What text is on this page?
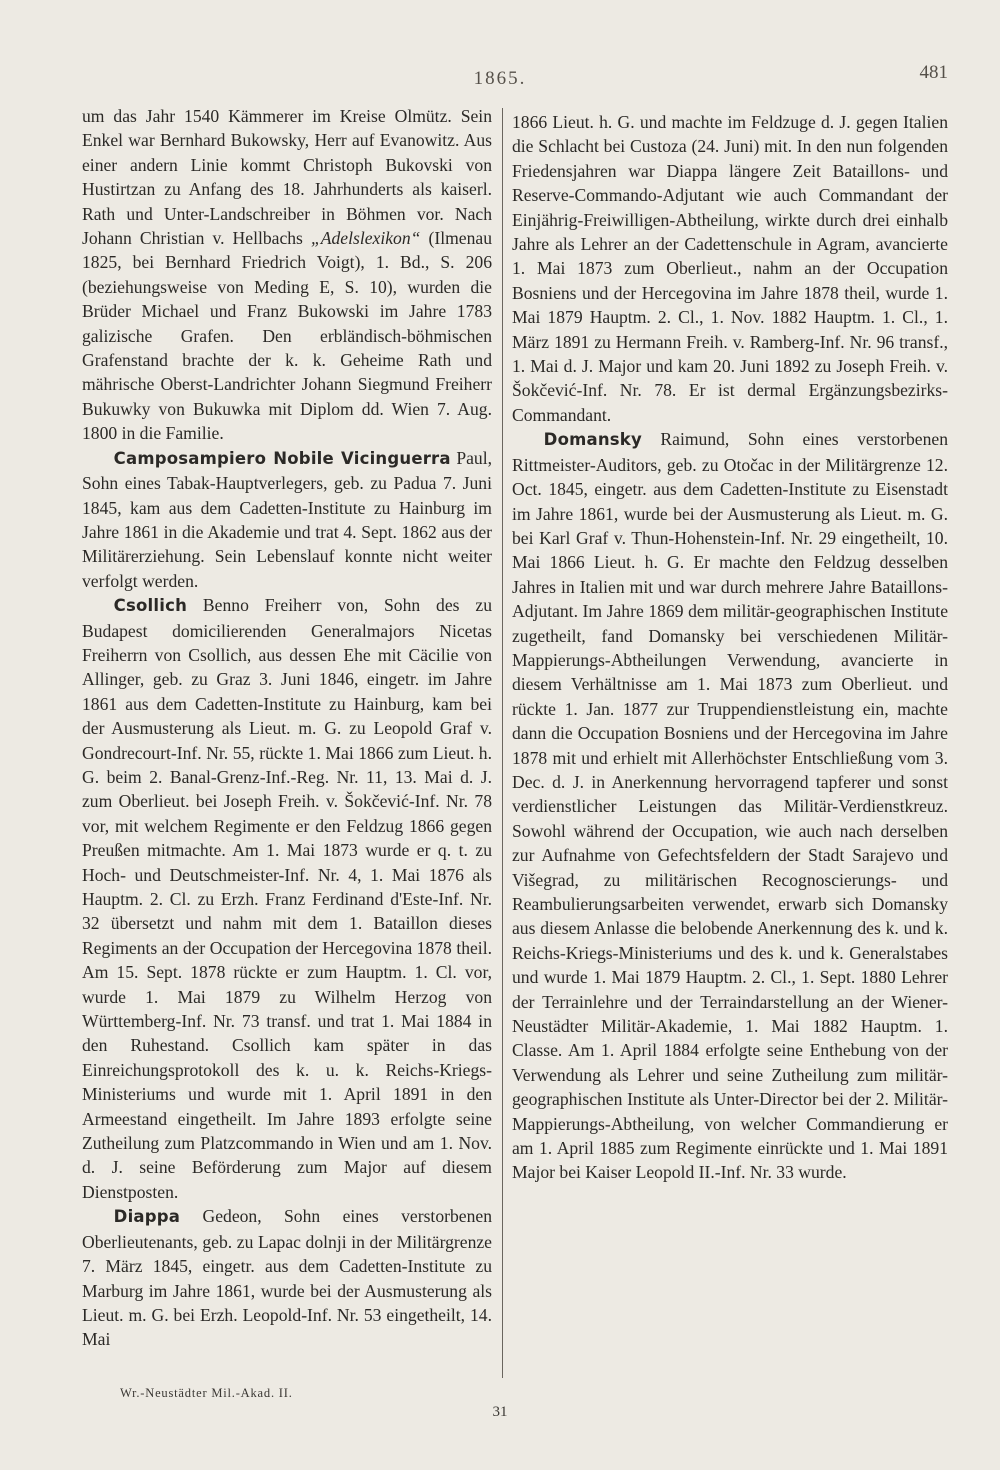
1865.	481

um das Jahr 1540 Kämmerer im Kreise Olmütz. Sein Enkel war Bernhard Bukowsky, Herr auf Evanowitz. Aus einer andern Linie kommt Christoph Bukovski von Hustirtzan zu Anfang des 18. Jahrhunderts als kaiserl. Rath und Unter-Landschreiber in Böhmen vor. Nach Johann Christian v. Hellbachs „Adelslexikon“ (Ilmenau 1825, bei Bernhard Friedrich Voigt), 1. Bd., S. 206 (beziehungsweise von Meding E, S. 10), wurden die Brüder Michael und Franz Bukowski im Jahre 1783 galizische Grafen. Den erbländisch-böhmischen Grafenstand brachte der k. k. Geheime Rath und mährische Oberst-Landrichter Johann Siegmund Freiherr Bukuwky von Bukuwka mit Diplom dd. Wien 7. Aug. 1800 in die Familie.

Camposampiero Nobile Vicinguerra Paul, Sohn eines Tabak-Hauptverlegers, geb. zu Padua 7. Juni 1845, kam aus dem Cadetten-Institute zu Hainburg im Jahre 1861 in die Akademie und trat 4. Sept. 1862 aus der Militärerziehung. Sein Lebenslauf konnte nicht weiter verfolgt werden.

Csollich Benno Freiherr von, Sohn des zu Budapest domicilierenden Generalmajors Nicetas Freiherrn von Csollich, aus dessen Ehe mit Cäcilie von Allinger, geb. zu Graz 3. Juni 1846, eingetr. im Jahre 1861 aus dem Cadetten-Institute zu Hainburg, kam bei der Ausmusterung als Lieut. m. G. zu Leopold Graf v. Gondrecourt-Inf. Nr. 55, rückte 1. Mai 1866 zum Lieut. h. G. beim 2. Banal-Grenz-Inf.-Reg. Nr. 11, 13. Mai d. J. zum Oberlieut. bei Joseph Freih. v. Šokčević-Inf. Nr. 78 vor, mit welchem Regimente er den Feldzug 1866 gegen Preußen mitmachte. Am 1. Mai 1873 wurde er q. t. zu Hoch- und Deutschmeister-Inf. Nr. 4, 1. Mai 1876 als Hauptm. 2. Cl. zu Erzh. Franz Ferdinand d'Este-Inf. Nr. 32 übersetzt und nahm mit dem 1. Bataillon dieses Regiments an der Occupation der Hercegovina 1878 theil. Am 15. Sept. 1878 rückte er zum Hauptm. 1. Cl. vor, wurde 1. Mai 1879 zu Wilhelm Herzog von Württemberg-Inf. Nr. 73 transf. und trat 1. Mai 1884 in den Ruhestand. Csollich kam später in das Einreichungsprotokoll des k. u. k. Reichs-Kriegs-Ministeriums und wurde mit 1. April 1891 in den Armeestand eingetheilt. Im Jahre 1893 erfolgte seine Zutheilung zum Platzcommando in Wien und am 1. Nov. d. J. seine Beförderung zum Major auf diesem Dienstposten.

Diappa Gedeon, Sohn eines verstorbenen Oberlieutenants, geb. zu Lapac dolnji in der Militärgrenze 7. März 1845, eingetr. aus dem Cadetten-Institute zu Marburg im Jahre 1861, wurde bei der Ausmusterung als Lieut. m. G. bei Erzh. Leopold-Inf. Nr. 53 eingetheilt, 14. Mai

1866 Lieut. h. G. und machte im Feldzuge d. J. gegen Italien die Schlacht bei Custoza (24. Juni) mit. In den nun folgenden Friedensjahren war Diappa längere Zeit Bataillons- und Reserve-Commando-Adjutant wie auch Commandant der Einjährig-Freiwilligen-Abtheilung, wirkte durch drei einhalb Jahre als Lehrer an der Cadettenschule in Agram, avancierte 1. Mai 1873 zum Oberlieut., nahm an der Occupation Bosniens und der Hercegovina im Jahre 1878 theil, wurde 1. Mai 1879 Hauptm. 2. Cl., 1. Nov. 1882 Hauptm. 1. Cl., 1. März 1891 zu Hermann Freih. v. Ramberg-Inf. Nr. 96 transf., 1. Mai d. J. Major und kam 20. Juni 1892 zu Joseph Freih. v. Šokčević-Inf. Nr. 78. Er ist dermal Ergänzungsbezirks-Commandant.

Domansky Raimund, Sohn eines verstorbenen Rittmeister-Auditors, geb. zu Otočac in der Militärgrenze 12. Oct. 1845, eingetr. aus dem Cadetten-Institute zu Eisenstadt im Jahre 1861, wurde bei der Ausmusterung als Lieut. m. G. bei Karl Graf v. Thun-Hohenstein-Inf. Nr. 29 eingetheilt, 10. Mai 1866 Lieut. h. G. Er machte den Feldzug desselben Jahres in Italien mit und war durch mehrere Jahre Bataillons-Adjutant. Im Jahre 1869 dem militär-geographischen Institute zugetheilt, fand Domansky bei verschiedenen Militär-Mappierungs-Abtheilungen Verwendung, avancierte in diesem Verhältnisse am 1. Mai 1873 zum Oberlieut. und rückte 1. Jan. 1877 zur Truppendienstleistung ein, machte dann die Occupation Bosniens und der Hercegovina im Jahre 1878 mit und erhielt mit Allerhöchster Entschließung vom 3. Dec. d. J. in Anerkennung hervorragend tapferer und sonst verdienstlicher Leistungen das Militär-Verdienstkreuz. Sowohl während der Occupation, wie auch nach derselben zur Aufnahme von Gefechtsfeldern der Stadt Sarajevo und Višegrad, zu militärischen Recognoscierungs- und Reambulierungsarbeiten verwendet, erwarb sich Domansky aus diesem Anlasse die belobende Anerkennung des k. und k. Reichs-Kriegs-Ministeriums und des k. und k. Generalstabes und wurde 1. Mai 1879 Hauptm. 2. Cl., 1. Sept. 1880 Lehrer der Terrainlehre und der Terraindarstellung an der Wiener-Neustädter Militär-Akademie, 1. Mai 1882 Hauptm. 1. Classe. Am 1. April 1884 erfolgte seine Enthebung von der Verwendung als Lehrer und seine Zutheilung zum militär-geographischen Institute als Unter-Director bei der 2. Militär-Mappierungs-Abtheilung, von welcher Commandierung er am 1. April 1885 zum Regimente einrückte und 1. Mai 1891 Major bei Kaiser Leopold II.-Inf. Nr. 33 wurde.

Wr.-Neustädter Mil.-Akad. II.
31
